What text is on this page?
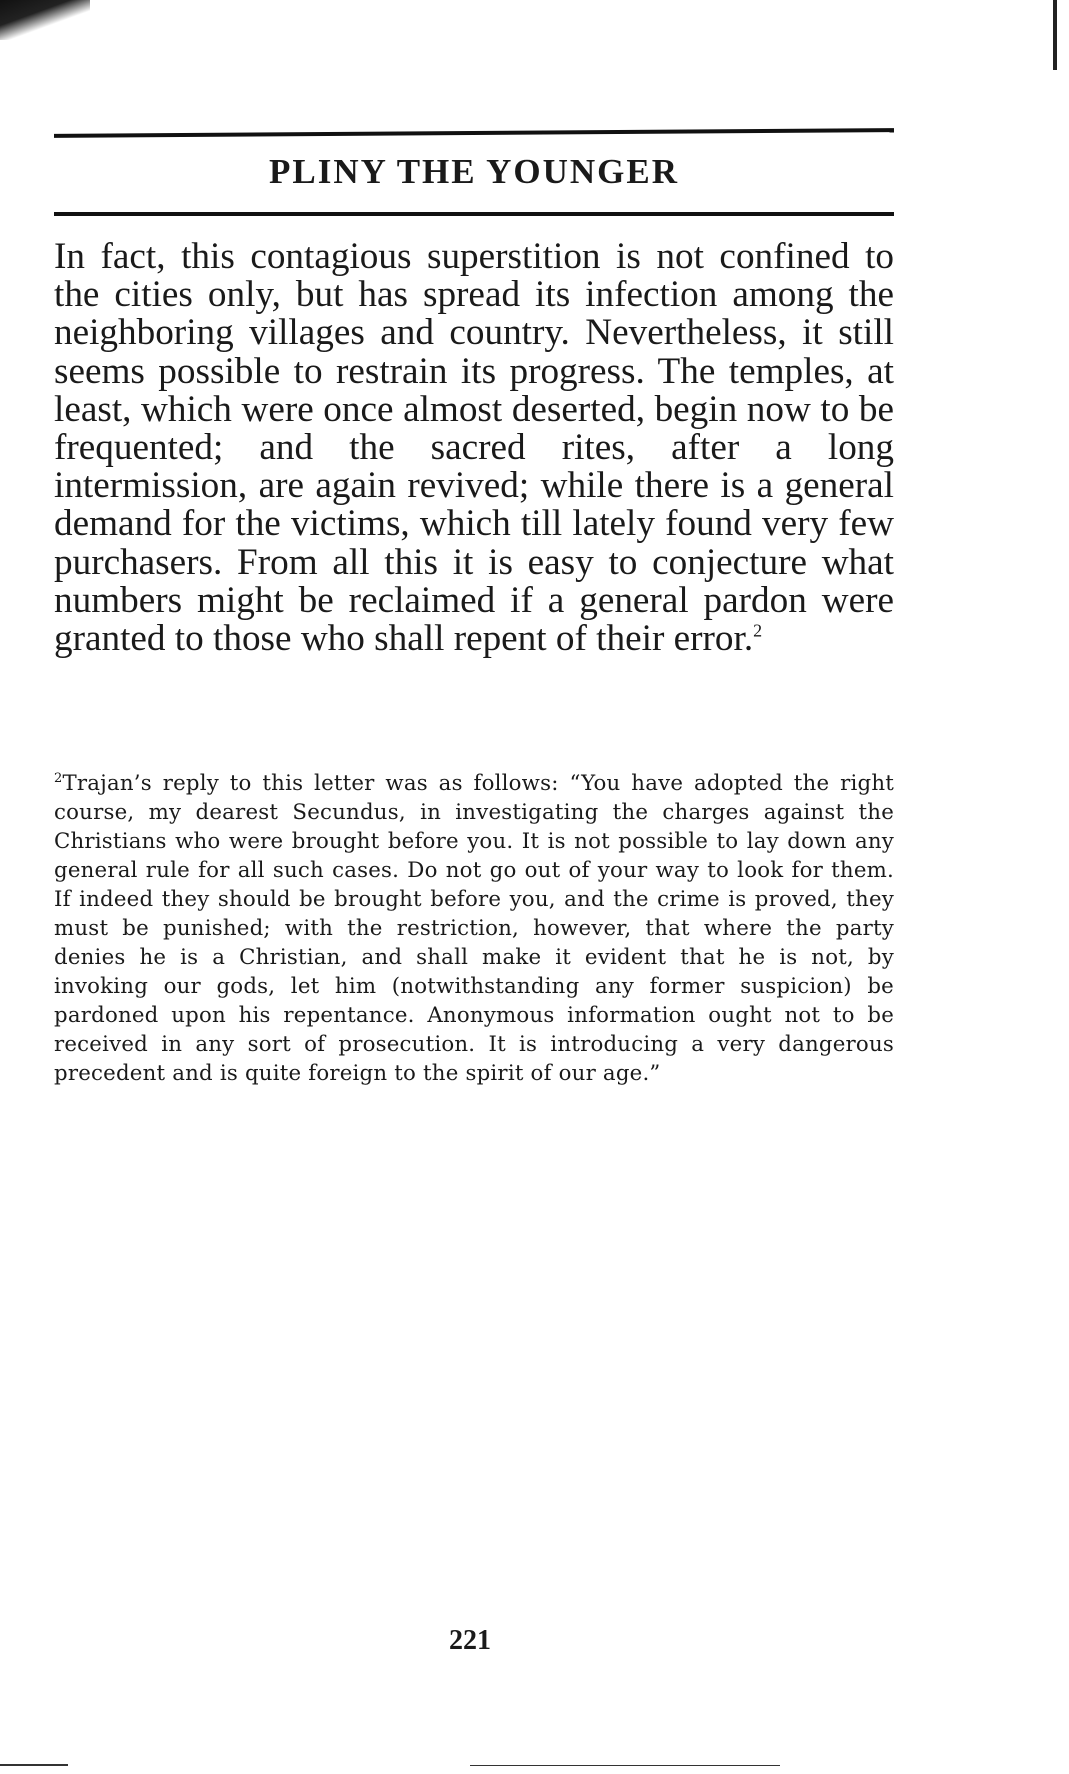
PLINY THE YOUNGER

In fact, this contagious superstition is not confined to the cities only, but has spread its infection among the neighboring villages and country. Nevertheless, it still seems possible to restrain its progress. The temples, at least, which were once almost deserted, begin now to be frequented; and the sacred rites, after a long intermission, are again revived; while there is a general demand for the victims, which till lately found very few purchasers. From all this it is easy to conjecture what numbers might be reclaimed if a general pardon were granted to those who shall repent of their error.$^2$

$^2$Trajan’s reply to this letter was as follows: “You have adopted the right course, my dearest Secundus, in investigating the charges against the Christians who were brought before you. It is not possible to lay down any general rule for all such cases. Do not go out of your way to look for them. If indeed they should be brought before you, and the crime is proved, they must be punished; with the restriction, however, that where the party denies he is a Christian, and shall make it evident that he is not, by invoking our gods, let him (notwithstanding any former suspicion) be pardoned upon his repentance. Anonymous information ought not to be received in any sort of prosecution. It is introducing a very dangerous precedent and is quite foreign to the spirit of our age.”

221
